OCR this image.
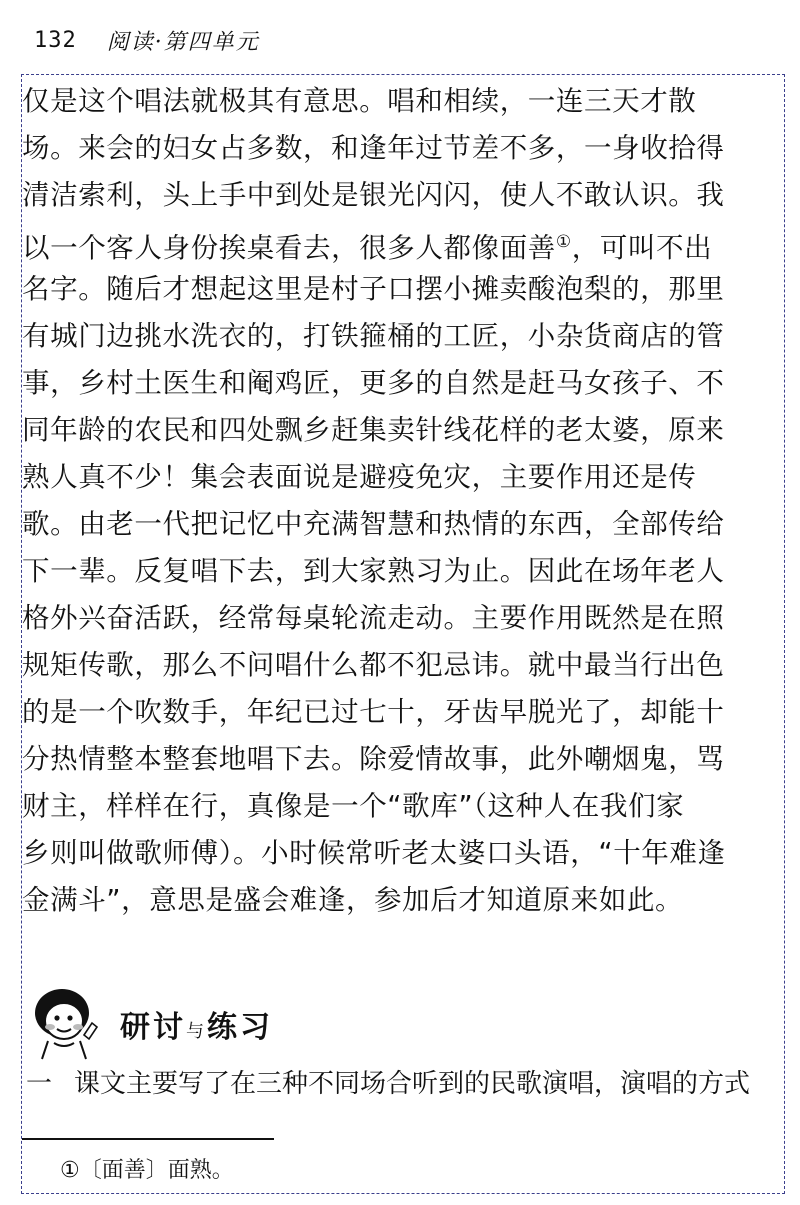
132 阅读·第四单元
仅是这个唱法就极其有意思。唱和相续，一连三天才散
场。来会的妇女占多数，和逢年过节差不多，一身收拾得
清洁索利，头上手中到处是银光闪闪，使人不敢认识。我
以一个客人身份挨桌看去，很多人都像面善①，可叫不出
名字。随后才想起这里是村子口摆小摊卖酸泡梨的，那里
有城门边挑水洗衣的，打铁箍桶的工匠，小杂货商店的管
事，乡村土医生和阉鸡匠，更多的自然是赶马女孩子、不
同年龄的农民和四处飘乡赶集卖针线花样的老太婆，原来
熟人真不少！集会表面说是避疫免灾，主要作用还是传
歌。由老一代把记忆中充满智慧和热情的东西，全部传给
下一辈。反复唱下去，到大家熟习为止。因此在场年老人
格外兴奋活跃，经常每桌轮流走动。主要作用既然是在照
规矩传歌，那么不问唱什么都不犯忌讳。就中最当行出色
的是一个吹数手，年纪已过七十，牙齿早脱光了，却能十
分热情整本整套地唱下去。除爱情故事，此外嘲烟鬼，骂
财主，样样在行，真像是一个“歌库”（这种人在我们家
乡则叫做歌师傅）。小时候常听老太婆口头语，“十年难逢
金满斗”，意思是盛会难逢，参加后才知道原来如此。
研讨与练习
一 课文主要写了在三种不同场合听到的民歌演唱，演唱的方式
①〔面善〕面熟。
